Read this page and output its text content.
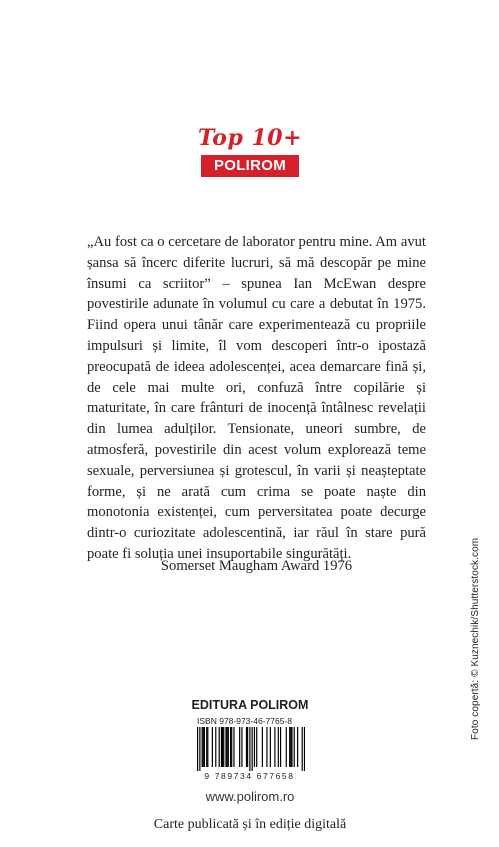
Top 10+
POLIROM

„Au fost ca o cercetare de laborator pentru mine. Am avut șansa să încerc diferite lucruri, să mă descopăr pe mine însumi ca scriitor” – spunea Ian McEwan despre povestirile adunate în volumul cu care a debutat în 1975. Fiind opera unui tânăr care experimentează cu propriile impulsuri și limite, îl vom descoperi într-o ipostază preocupată de ideea adolescenței, acea demarcare fină și, de cele mai multe ori, confuză între copilărie și maturitate, în care frânturi de inocență întâlnesc revelații din lumea adulților. Tensionate, uneori sumbre, de atmosferă, povestirile din acest volum explorează teme sexuale, perversiunea și grotescul, în varii și neașteptate forme, și ne arată cum crima se poate naște din monotonia existenței, cum perversitatea poate decurge dintr-o curiozitate adolescentină, iar răul în stare pură poate fi soluția unei insuportabile singurătăți.

Somerset Maugham Award 1976	Foto copertă: © Kuznechik/Shutterstock.com
EDITURA POLIROM
ISBN 978-973-46-7765-8
9 789734 677658
www.polirom.ro
Carte publicată și în ediție digitală
